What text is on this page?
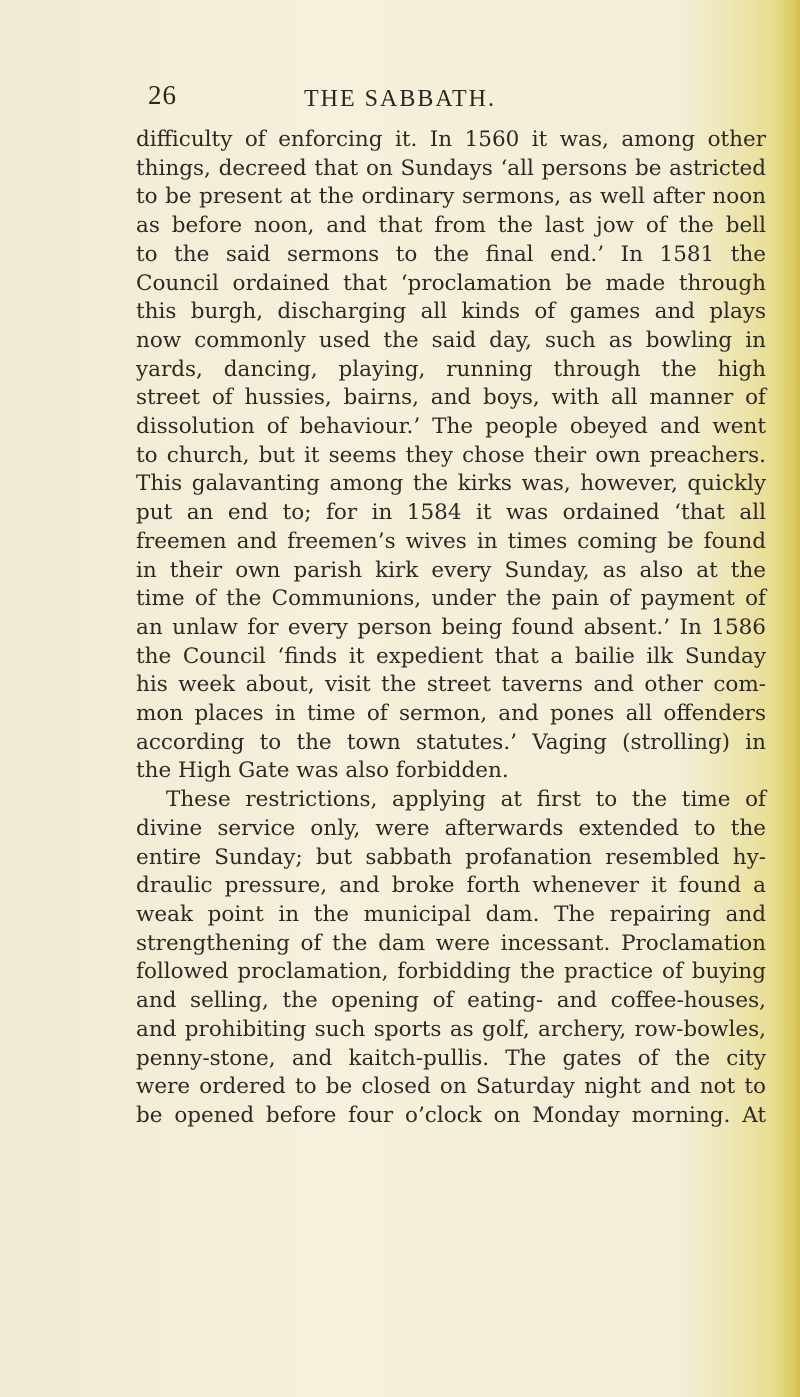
26	THE SABBATH.
difficulty of enforcing it. In 1560 it was, among other
things, decreed that on Sundays ‘all persons be astricted
to be present at the ordinary sermons, as well after noon
as before noon, and that from the last jow of the bell
to the said sermons to the final end.’ In 1581 the
Council ordained that ‘proclamation be made through
this burgh, discharging all kinds of games and plays
now commonly used the said day, such as bowling in
yards, dancing, playing, running through the high
street of hussies, bairns, and boys, with all manner of
dissolution of behaviour.’ The people obeyed and went
to church, but it seems they chose their own preachers.
This galavanting among the kirks was, however, quickly
put an end to; for in 1584 it was ordained ‘that all
freemen and freemen’s wives in times coming be found
in their own parish kirk every Sunday, as also at the
time of the Communions, under the pain of payment of
an unlaw for every person being found absent.’ In 1586
the Council ‘finds it expedient that a bailie ilk Sunday
his week about, visit the street taverns and other com-
mon places in time of sermon, and pones all offenders
according to the town statutes.’ Vaging (strolling) in
the High Gate was also forbidden.
These restrictions, applying at first to the time of
divine service only, were afterwards extended to the
entire Sunday; but sabbath profanation resembled hy-
draulic pressure, and broke forth whenever it found a
weak point in the municipal dam. The repairing and
strengthening of the dam were incessant. Proclamation
followed proclamation, forbidding the practice of buying
and selling, the opening of eating- and coffee-houses,
and prohibiting such sports as golf, archery, row-bowles,
penny-stone, and kaitch-pullis. The gates of the city
were ordered to be closed on Saturday night and not to
be opened before four o’clock on Monday morning. At
